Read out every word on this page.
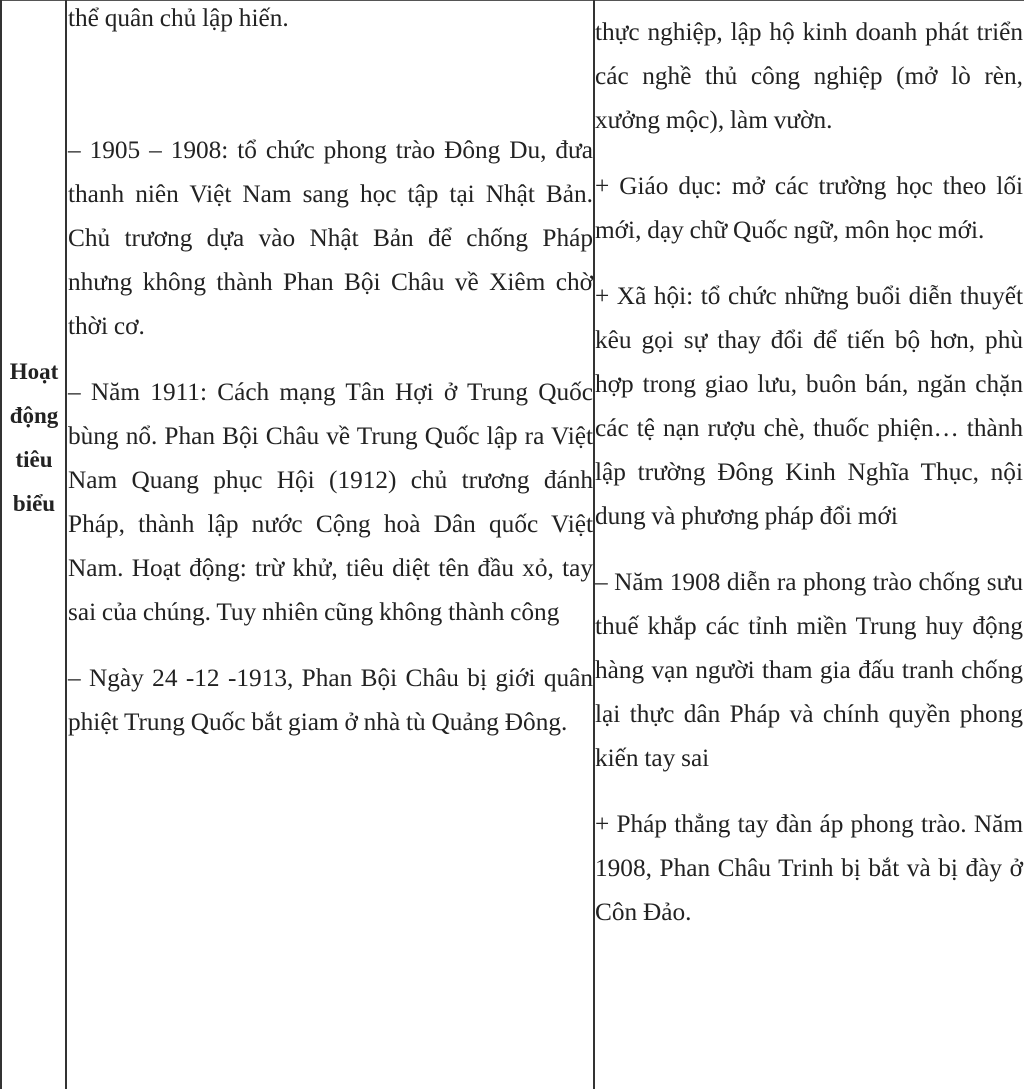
Hoạt động tiêu biểu

thể quân chủ lập hiến.

– 1905 – 1908: tổ chức phong trào Đông Du, đưa thanh niên Việt Nam sang học tập tại Nhật Bản. Chủ trương dựa vào Nhật Bản để chống Pháp nhưng không thành Phan Bội Châu về Xiêm chờ thời cơ.

– Năm 1911: Cách mạng Tân Hợi ở Trung Quốc bùng nổ. Phan Bội Châu về Trung Quốc lập ra Việt Nam Quang phục Hội (1912) chủ trương đánh Pháp, thành lập nước Cộng hoà Dân quốc Việt Nam. Hoạt động: trừ khử, tiêu diệt tên đầu xỏ, tay sai của chúng. Tuy nhiên cũng không thành công

– Ngày 24 -12 -1913, Phan Bội Châu bị giới quân phiệt Trung Quốc bắt giam ở nhà tù Quảng Đông.

thực nghiệp, lập hộ kinh doanh phát triển các nghề thủ công nghiệp (mở lò rèn, xưởng mộc), làm vườn.

+ Giáo dục: mở các trường học theo lối mới, dạy chữ Quốc ngữ, môn học mới.

+ Xã hội: tổ chức những buổi diễn thuyết kêu gọi sự thay đổi để tiến bộ hơn, phù hợp trong giao lưu, buôn bán, ngăn chặn các tệ nạn rượu chè, thuốc phiện… thành lập trường Đông Kinh Nghĩa Thục, nội dung và phương pháp đổi mới

– Năm 1908 diễn ra phong trào chống sưu thuế khắp các tỉnh miền Trung huy động hàng vạn người tham gia đấu tranh chống lại thực dân Pháp và chính quyền phong kiến tay sai

+ Pháp thẳng tay đàn áp phong trào. Năm 1908, Phan Châu Trinh bị bắt và bị đày ở Côn Đảo.
